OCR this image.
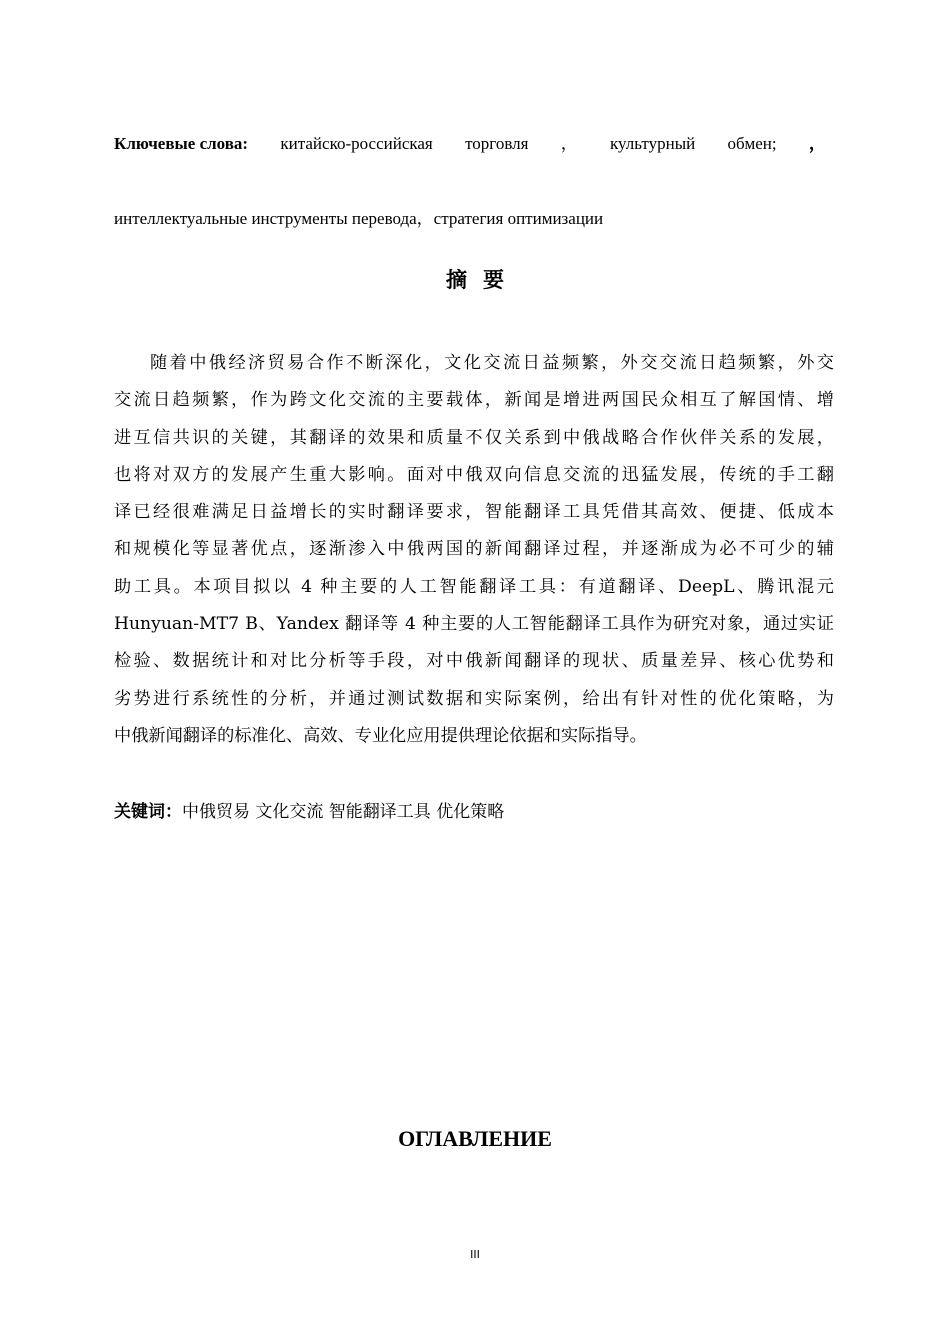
Ключевые слова: китайско-российская торговля ， культурный обмен; ，
интеллектуальные инструменты перевода，стратегия оптимизации
摘要
随着中俄经济贸易合作不断深化，文化交流日益频繁，外交交流日趋频繁，外交
交流日趋频繁，作为跨文化交流的主要载体，新闻是增进两国民众相互了解国情、增
进互信共识的关键，其翻译的效果和质量不仅关系到中俄战略合作伙伴关系的发展，
也将对双方的发展产生重大影响。面对中俄双向信息交流的迅猛发展，传统的手工翻
译已经很难满足日益增长的实时翻译要求，智能翻译工具凭借其高效、便捷、低成本
和规模化等显著优点，逐渐渗入中俄两国的新闻翻译过程，并逐渐成为必不可少的辅
助工具。本项目拟以 4 种主要的人工智能翻译工具：有道翻译、DeepL、腾讯混元
Hunyuan-MT7 B、Yandex 翻译等 4 种主要的人工智能翻译工具作为研究对象，通过实证
检验、数据统计和对比分析等手段，对中俄新闻翻译的现状、质量差异、核心优势和
劣势进行系统性的分析，并通过测试数据和实际案例，给出有针对性的优化策略，为
中俄新闻翻译的标准化、高效、专业化应用提供理论依据和实际指导。
关键词：中俄贸易 文化交流 智能翻译工具 优化策略
ОГЛАВЛЕНИЕ
III
